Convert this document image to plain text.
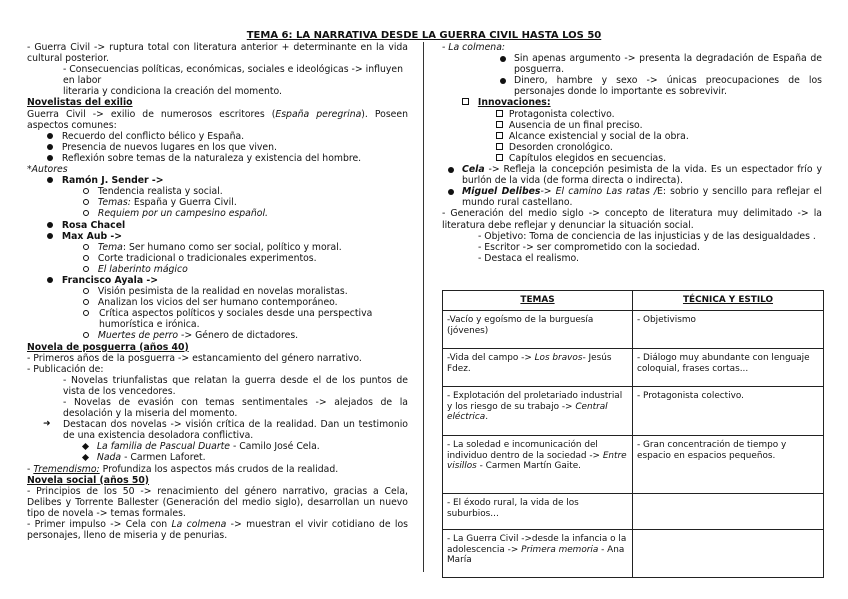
TEMA 6: LA NARRATIVA DESDE LA GUERRA CIVIL HASTA LOS 50
- Guerra Civil -> ruptura total con literatura anterior + determinante en la vida cultural posterior.
- Consecuencias políticas, económicas, sociales e ideológicas -> influyen en labor
literaria y condiciona la creación del momento.
Novelistas del exilio
Guerra Civil -> exilio de numerosos escritores (España peregrina). Poseen aspectos comunes:
Recuerdo del conflicto bélico y España.
Presencia de nuevos lugares en los que viven.
Reflexión sobre temas de la naturaleza y existencia del hombre.
*Autores
Ramón J. Sender ->
Tendencia realista y social.
Temas: España y Guerra Civil.
Requiem por un campesino español.
Rosa Chacel
Max Aub ->
Tema: Ser humano como ser social, político y moral.
Corte tradicional o tradicionales experimentos.
El laberinto mágico
Francisco Ayala ->
Visión pesimista de la realidad en novelas moralistas.
Analizan los vicios del ser humano contemporáneo.
Crítica aspectos políticos y sociales desde una perspectiva humorística e irónica.
Muertes de perro -> Género de dictadores.
Novela de posguerra (años 40)
- Primeros años de la posguerra -> estancamiento del género narrativo.
- Publicación de:
- Novelas triunfalistas que relatan la guerra desde el de los puntos de vista de los vencedores.
- Novelas de evasión con temas sentimentales -> alejados de la desolación y la miseria del momento.
➜ Destacan dos novelas -> visión crítica de la realidad. Dan un testimonio de una existencia desoladora conflictiva.
La familia de Pascual Duarte - Camilo José Cela.
Nada - Carmen Laforet.
- Tremendismo: Profundiza los aspectos más crudos de la realidad.
Novela social (años 50)
- Principios de los 50 -> renacimiento del género narrativo, gracias a Cela, Delibes y Torrente Ballester (Generación del medio siglo), desarrollan un nuevo tipo de novela -> temas formales.
- Primer impulso -> Cela con La colmena -> muestran el vivir cotidiano de los personajes, lleno de miseria y de penurias.
- La colmena:
Sin apenas argumento -> presenta la degradación de España de posguerra.
Dinero, hambre y sexo -> únicas preocupaciones de los personajes donde lo importante es sobrevivir.
Innovaciones:
Protagonista colectivo.
Ausencia de un final preciso.
Alcance existencial y social de la obra.
Desorden cronológico.
Capítulos elegidos en secuencias.
Cela -> Refleja la concepción pesimista de la vida. Es un espectador frío y burlón de la vida (de forma directa o indirecta).
Miguel Delibes-> El camino Las ratas /E: sobrio y sencillo para reflejar el mundo rural castellano.
- Generación del medio siglo -> concepto de literatura muy delimitado -> la literatura debe reflejar y denunciar la situación social.
- Objetivo: Toma de conciencia de las injusticias y de las desigualdades .
- Escritor -> ser comprometido con la sociedad.
- Destaca el realismo.
TEMAS	TÉCNICA Y ESTILO
-Vacío y egoísmo de la burguesía (jóvenes)	- Objetivismo
-Vida del campo -> Los bravos- Jesús Fdez.	- Diálogo muy abundante con lenguaje coloquial, frases cortas...
- Explotación del proletariado industrial y los riesgo de su trabajo -> Central eléctrica.	- Protagonista colectivo.
- La soledad e incomunicación del individuo dentro de la sociedad -> Entre visillos - Carmen Martín Gaite.	- Gran concentración de tiempo y espacio en espacios pequeños.
- El éxodo rural, la vida de los suburbios...	
- La Guerra Civil ->desde la infancia o la adolescencia -> Primera memoria - Ana María	
